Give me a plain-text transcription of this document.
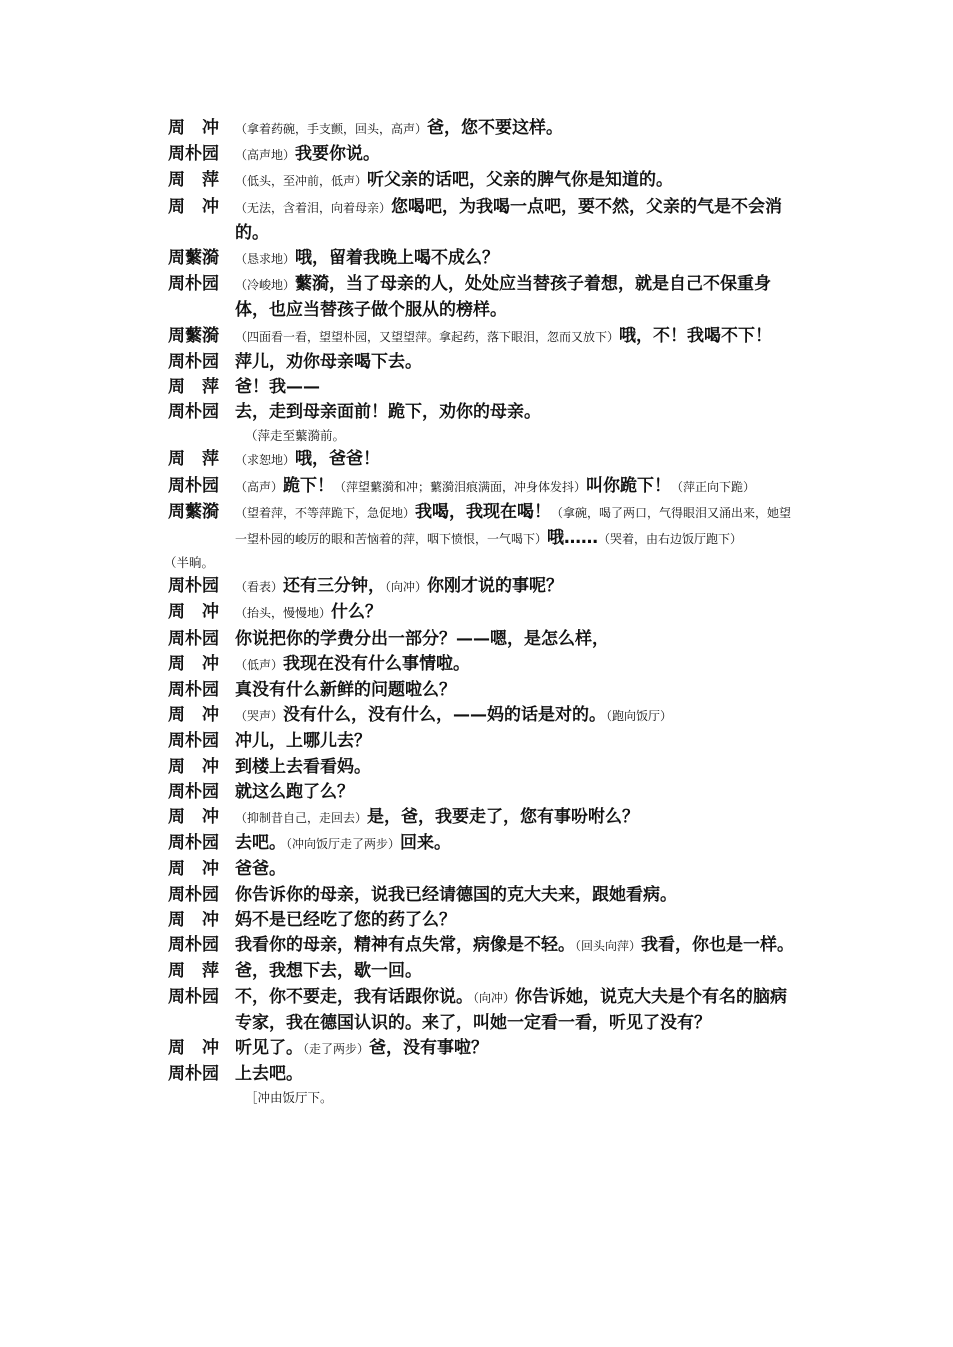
周　冲	（拿着药碗，手支颤，回头，高声）爸，您不要这样。
周朴园	（高声地）我要你说。
周　萍	（低头，至冲前，低声）听父亲的话吧，父亲的脾气你是知道的。
周　冲	（无法，含着泪，向着母亲）您喝吧，为我喝一点吧，要不然，父亲的气是不会消的。
周蘩漪	（恳求地）哦，留着我晚上喝不成么？
周朴园	（冷峻地）蘩漪，当了母亲的人，处处应当替孩子着想，就是自己不保重身体，也应当替孩子做个服从的榜样。
周蘩漪	（四面看一看，望望朴园，又望望萍。拿起药，落下眼泪，忽而又放下）哦，不！我喝不下！
周朴园 萍儿，劝你母亲喝下去。
周　萍 爸！我——
周朴园 去，走到母亲面前！跪下，劝你的母亲。
（萍走至蘩漪前。
周　萍	（求恕地）哦，爸爸！
周朴园	（高声）跪下！（萍望蘩漪和冲；蘩漪泪痕满面，冲身体发抖）叫你跪下！（萍正向下跪）
周蘩漪	（望着萍，不等萍跪下，急促地）我喝，我现在喝！（拿碗，喝了两口，气得眼泪又涌出来，她望一望朴园的峻厉的眼和苦恼着的萍，咽下愤恨，一气喝下）哦……（哭着，由右边饭厅跑下）
（半晌。
周朴园	（看表）还有三分钟，（向冲）你刚才说的事呢？
周　冲	（抬头，慢慢地）什么？
周朴园 你说把你的学费分出一部分？——嗯，是怎么样，
周　冲	（低声）我现在没有什么事情啦。
周朴园 真没有什么新鲜的问题啦么？
周　冲	（哭声）没有什么，没有什么，——妈的话是对的。（跑向饭厅）
周朴园 冲儿，上哪儿去？
周　冲 到楼上去看看妈。
周朴园 就这么跑了么？
周　冲	（抑制昔自己，走回去）是，爸，我要走了，您有事吩咐么？
周朴园 去吧。（冲向饭厅走了两步）回来。
周　冲 爸爸。
周朴园 你告诉你的母亲，说我已经请德国的克大夫来，跟她看病。
周　冲 妈不是已经吃了您的药了么？
周朴园 我看你的母亲，精神有点失常，病像是不轻。（回头向萍）我看，你也是一样。
周　萍 爸，我想下去，歇一回。
周朴园 不，你不要走，我有话跟你说。（向冲）你告诉她，说克大夫是个有名的脑病专家，我在德国认识的。来了，叫她一定看一看，听见了没有？
周　冲 听见了。（走了两步）爸，没有事啦？
周朴园 上去吧。
［冲由饭厅下。
